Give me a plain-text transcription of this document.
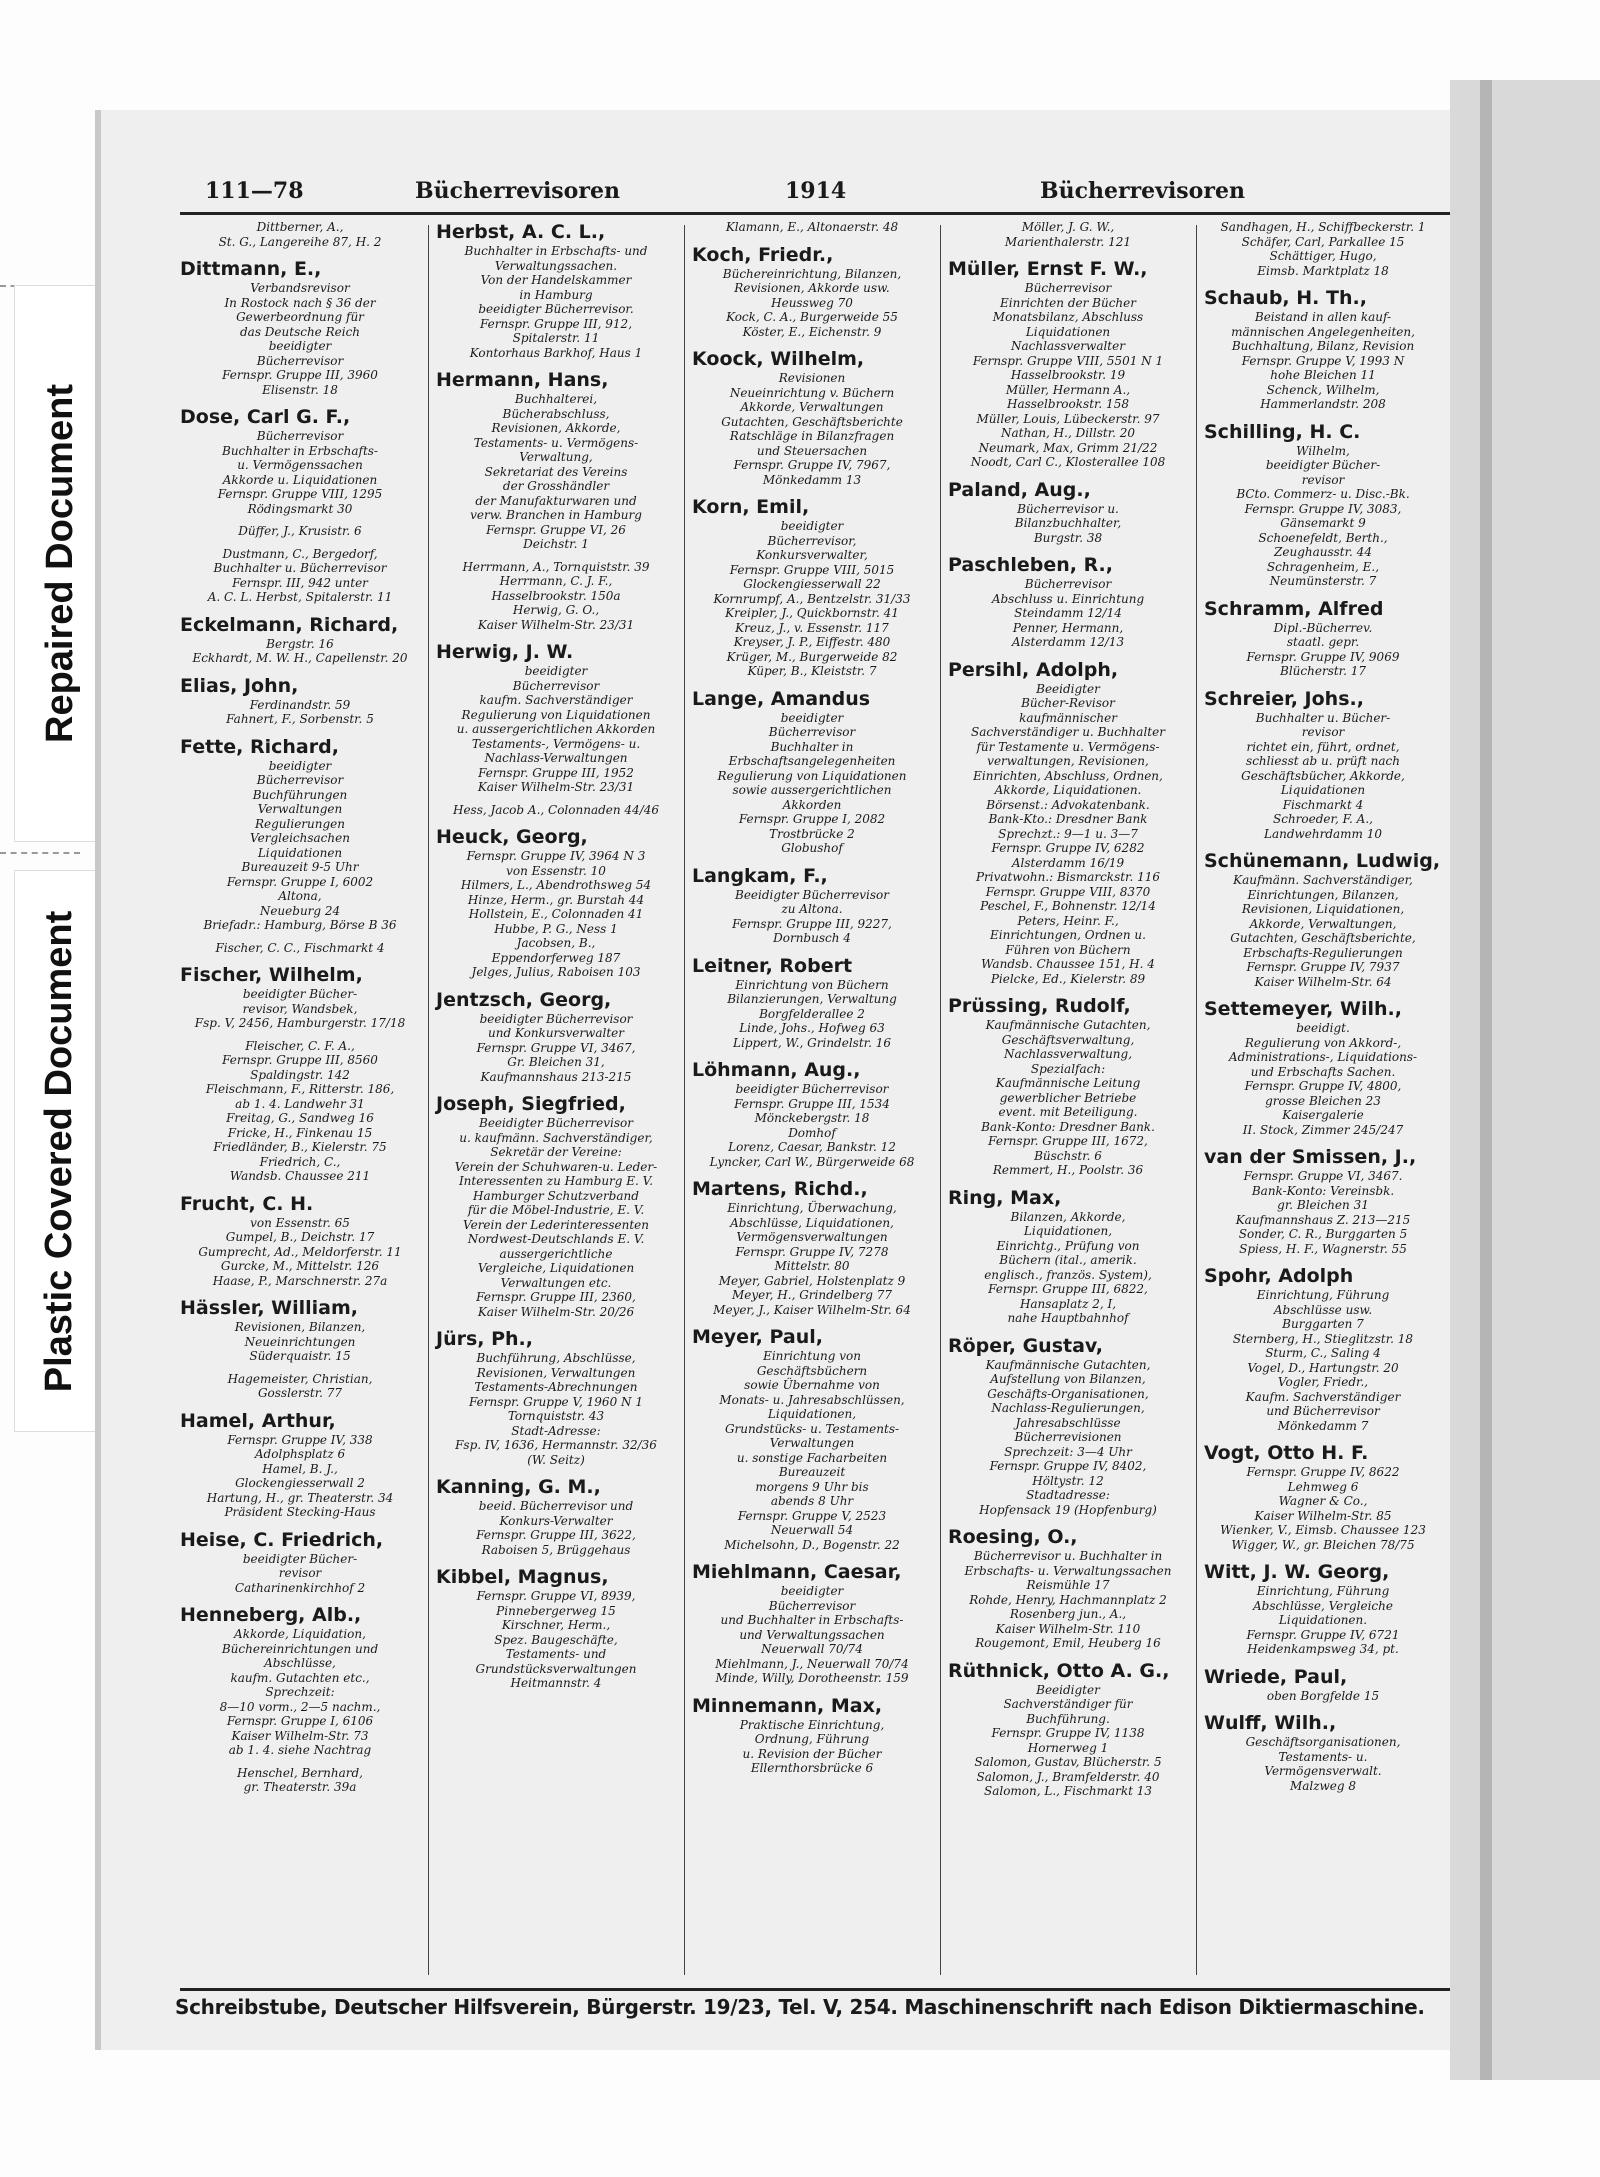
Repaired Document
Plastic Covered Document
111—78	Bücherrevisoren	1914	Bücherrevisoren
Dittberner, A.,
St. G., Langereihe 87, H. 2
Dittmann, E.,
Verbandsrevisor
In Rostock nach § 36 der
Gewerbeordnung für
das Deutsche Reich
beeidigter
Bücherrevisor
Fernspr. Gruppe III, 3960
Elisenstr. 18
Dose, Carl G. F.,
Bücherrevisor
Buchhalter in Erbschafts-
u. Vermögenssachen
Akkorde u. Liquidationen
Fernspr. Gruppe VIII, 1295
Rödingsmarkt 30
Düffer, J., Krusistr. 6
Dustmann, C., Bergedorf,
Buchhalter u. Bücherrevisor
Fernspr. III, 942 unter
A. C. L. Herbst, Spitalerstr. 11
Eckelmann, Richard,
Bergstr. 16
Eckhardt, M. W. H., Capellenstr. 20
Elias, John,
Ferdinandstr. 59
Fahnert, F., Sorbenstr. 5
Fette, Richard,
beeidigter
Bücherrevisor
Buchführungen
Verwaltungen
Regulierungen
Vergleichsachen
Liquidationen
Bureauzeit 9-5 Uhr
Fernspr. Gruppe I, 6002
Altona,
Neueburg 24
Briefadr.: Hamburg, Börse B 36
Fischer, C. C., Fischmarkt 4
Fischer, Wilhelm,
beeidigter Bücher-
revisor, Wandsbek,
Fsp. V, 2456, Hamburgerstr. 17/18
Fleischer, C. F. A.,
Fernspr. Gruppe III, 8560
Spaldingstr. 142
Fleischmann, F., Ritterstr. 186,
ab 1. 4. Landwehr 31
Freitag, G., Sandweg 16
Fricke, H., Finkenau 15
Friedländer, B., Kielerstr. 75
Friedrich, C.,
Wandsb. Chaussee 211
Frucht, C. H.
von Essenstr. 65
Gumpel, B., Deichstr. 17
Gumprecht, Ad., Meldorferstr. 11
Gurcke, M., Mittelstr. 126
Haase, P., Marschnerstr. 27a
Hässler, William,
Revisionen, Bilanzen,
Neueinrichtungen
Süderquaistr. 15
Hagemeister, Christian,
Gosslerstr. 77
Hamel, Arthur,
Fernspr. Gruppe IV, 338
Adolphsplatz 6
Hamel, B. J.,
Glockengiesserwall 2
Hartung, H., gr. Theaterstr. 34
Präsident Stecking-Haus
Heise, C. Friedrich,
beeidigter Bücher-
revisor
Catharinenkirchhof 2
Henneberg, Alb.,
Akkorde, Liquidation,
Büchereinrichtungen und
Abschlüsse,
kaufm. Gutachten etc.,
Sprechzeit:
8—10 vorm., 2—5 nachm.,
Fernspr. Gruppe I, 6106
Kaiser Wilhelm-Str. 73
ab 1. 4. siehe Nachtrag
Henschel, Bernhard,
gr. Theaterstr. 39a
Herbst, A. C. L.,
Buchhalter in Erbschafts- und
Verwaltungssachen.
Von der Handelskammer
in Hamburg
beeidigter Bücherrevisor.
Fernspr. Gruppe III, 912,
Spitalerstr. 11
Kontorhaus Barkhof, Haus 1
Hermann, Hans,
Buchhalterei,
Bücherabschluss,
Revisionen, Akkorde,
Testaments- u. Vermögens-
Verwaltung,
Sekretariat des Vereins
der Grosshändler
der Manufakturwaren und
verw. Branchen in Hamburg
Fernspr. Gruppe VI, 26
Deichstr. 1
Herrmann, A., Tornquiststr. 39
Herrmann, C. J. F.,
Hasselbrookstr. 150a
Herwig, G. O.,
Kaiser Wilhelm-Str. 23/31
Herwig, J. W.
beeidigter
Bücherrevisor
kaufm. Sachverständiger
Regulierung von Liquidationen
u. aussergerichtlichen Akkorden
Testaments-, Vermögens- u.
Nachlass-Verwaltungen
Fernspr. Gruppe III, 1952
Kaiser Wilhelm-Str. 23/31
Hess, Jacob A., Colonnaden 44/46
Heuck, Georg,
Fernspr. Gruppe IV, 3964 N 3
von Essenstr. 10
Hilmers, L., Abendrothsweg 54
Hinze, Herm., gr. Burstah 44
Hollstein, E., Colonnaden 41
Hubbe, P. G., Ness 1
Jacobsen, B.,
Eppendorferweg 187
Jelges, Julius, Raboisen 103
Jentzsch, Georg,
beeidigter Bücherrevisor
und Konkursverwalter
Fernspr. Gruppe VI, 3467,
Gr. Bleichen 31,
Kaufmannshaus 213-215
Joseph, Siegfried,
Beeidigter Bücherrevisor
u. kaufmänn. Sachverständiger,
Sekretär der Vereine:
Verein der Schuhwaren-u. Leder-
Interessenten zu Hamburg E. V.
Hamburger Schutzverband
für die Möbel-Industrie, E. V.
Verein der Lederinteressenten
Nordwest-Deutschlands E. V.
aussergerichtliche
Vergleiche, Liquidationen
Verwaltungen etc.
Fernspr. Gruppe III, 2360,
Kaiser Wilhelm-Str. 20/26
Jürs, Ph.,
Buchführung, Abschlüsse,
Revisionen, Verwaltungen
Testaments-Abrechnungen
Fernspr. Gruppe V, 1960 N 1
Tornquiststr. 43
Stadt-Adresse:
Fsp. IV, 1636, Hermannstr. 32/36
(W. Seitz)
Kanning, G. M.,
beeid. Bücherrevisor und
Konkurs-Verwalter
Fernspr. Gruppe III, 3622,
Raboisen 5, Brüggehaus
Kibbel, Magnus,
Fernspr. Gruppe VI, 8939,
Pinnebergerweg 15
Kirschner, Herm.,
Spez. Baugeschäfte,
Testaments- und
Grundstücksverwaltungen
Heitmannstr. 4
Klamann, E., Altonaerstr. 48
Koch, Friedr.,
Büchereinrichtung, Bilanzen,
Revisionen, Akkorde usw.
Heussweg 70
Kock, C. A., Burgerweide 55
Köster, E., Eichenstr. 9
Koock, Wilhelm,
Revisionen
Neueinrichtung v. Büchern
Akkorde, Verwaltungen
Gutachten, Geschäftsberichte
Ratschläge in Bilanzfragen
und Steuersachen
Fernspr. Gruppe IV, 7967,
Mönkedamm 13
Korn, Emil,
beeidigter
Bücherrevisor,
Konkursverwalter,
Fernspr. Gruppe VIII, 5015
Glockengiesserwall 22
Kornrumpf, A., Bentzelstr. 31/33
Kreipler, J., Quickbornstr. 41
Kreuz, J., v. Essenstr. 117
Kreyser, J. P., Eiffestr. 480
Krüger, M., Burgerweide 82
Küper, B., Kleiststr. 7
Lange, Amandus
beeidigter
Bücherrevisor
Buchhalter in
Erbschaftsangelegenheiten
Regulierung von Liquidationen
sowie aussergerichtlichen
Akkorden
Fernspr. Gruppe I, 2082
Trostbrücke 2
Globushof
Langkam, F.,
Beeidigter Bücherrevisor
zu Altona.
Fernspr. Gruppe III, 9227,
Dornbusch 4
Leitner, Robert
Einrichtung von Büchern
Bilanzierungen, Verwaltung
Borgfelderallee 2
Linde, Johs., Hofweg 63
Lippert, W., Grindelstr. 16
Löhmann, Aug.,
beeidigter Bücherrevisor
Fernspr. Gruppe III, 1534
Mönckebergstr. 18
Domhof
Lorenz, Caesar, Bankstr. 12
Lyncker, Carl W., Bürgerweide 68
Martens, Richd.,
Einrichtung, Überwachung,
Abschlüsse, Liquidationen,
Vermögensverwaltungen
Fernspr. Gruppe IV, 7278
Mittelstr. 80
Meyer, Gabriel, Holstenplatz 9
Meyer, H., Grindelberg 77
Meyer, J., Kaiser Wilhelm-Str. 64
Meyer, Paul,
Einrichtung von
Geschäftsbüchern
sowie Übernahme von
Monats- u. Jahresabschlüssen,
Liquidationen,
Grundstücks- u. Testaments-
Verwaltungen
u. sonstige Facharbeiten
Bureauzeit
morgens 9 Uhr bis
abends 8 Uhr
Fernspr. Gruppe V, 2523
Neuerwall 54
Michelsohn, D., Bogenstr. 22
Miehlmann, Caesar,
beeidigter
Bücherrevisor
und Buchhalter in Erbschafts-
und Verwaltungssachen
Neuerwall 70/74
Miehlmann, J., Neuerwall 70/74
Minde, Willy, Dorotheenstr. 159
Minnemann, Max,
Praktische Einrichtung,
Ordnung, Führung
u. Revision der Bücher
Ellernthorsbrücke 6
Möller, J. G. W.,
Marienthalerstr. 121
Müller, Ernst F. W.,
Bücherrevisor
Einrichten der Bücher
Monatsbilanz, Abschluss
Liquidationen
Nachlassverwalter
Fernspr. Gruppe VIII, 5501 N 1
Hasselbrookstr. 19
Müller, Hermann A.,
Hasselbrookstr. 158
Müller, Louis, Lübeckerstr. 97
Nathan, H., Dillstr. 20
Neumark, Max, Grimm 21/22
Noodt, Carl C., Klosterallee 108
Paland, Aug.,
Bücherrevisor u.
Bilanzbuchhalter,
Burgstr. 38
Paschleben, R.,
Bücherrevisor
Abschluss u. Einrichtung
Steindamm 12/14
Penner, Hermann,
Alsterdamm 12/13
Persihl, Adolph,
Beeidigter
Bücher-Revisor
kaufmännischer
Sachverständiger u. Buchhalter
für Testamente u. Vermögens-
verwaltungen, Revisionen,
Einrichten, Abschluss, Ordnen,
Akkorde, Liquidationen.
Börsenst.: Advokatenbank.
Bank-Kto.: Dresdner Bank
Sprechzt.: 9—1 u. 3—7
Fernspr. Gruppe IV, 6282
Alsterdamm 16/19
Privatwohn.: Bismarckstr. 116
Fernspr. Gruppe VIII, 8370
Peschel, F., Bohnenstr. 12/14
Peters, Heinr. F.,
Einrichtungen, Ordnen u.
Führen von Büchern
Wandsb. Chaussee 151, H. 4
Pielcke, Ed., Kielerstr. 89
Prüssing, Rudolf,
Kaufmännische Gutachten,
Geschäftsverwaltung,
Nachlassverwaltung,
Spezialfach:
Kaufmännische Leitung
gewerblicher Betriebe
event. mit Beteiligung.
Bank-Konto: Dresdner Bank.
Fernspr. Gruppe III, 1672,
Büschstr. 6
Remmert, H., Poolstr. 36
Ring, Max,
Bilanzen, Akkorde,
Liquidationen,
Einrichtg., Prüfung von
Büchern (ital., amerik.
englisch., französ. System),
Fernspr. Gruppe III, 6822,
Hansaplatz 2, I,
nahe Hauptbahnhof
Röper, Gustav,
Kaufmännische Gutachten,
Aufstellung von Bilanzen,
Geschäfts-Organisationen,
Nachlass-Regulierungen,
Jahresabschlüsse
Bücherrevisionen
Sprechzeit: 3—4 Uhr
Fernspr. Gruppe IV, 8402,
Höltystr. 12
Stadtadresse:
Hopfensack 19 (Hopfenburg)
Roesing, O.,
Bücherrevisor u. Buchhalter in
Erbschafts- u. Verwaltungssachen
Reismühle 17
Rohde, Henry, Hachmannplatz 2
Rosenberg jun., A.,
Kaiser Wilhelm-Str. 110
Rougemont, Emil, Heuberg 16
Rüthnick, Otto A. G.,
Beeidigter
Sachverständiger für
Buchführung.
Fernspr. Gruppe IV, 1138
Hornerweg 1
Salomon, Gustav, Blücherstr. 5
Salomon, J., Bramfelderstr. 40
Salomon, L., Fischmarkt 13
Sandhagen, H., Schiffbeckerstr. 1
Schäfer, Carl, Parkallee 15
Schättiger, Hugo,
Eimsb. Marktplatz 18
Schaub, H. Th.,
Beistand in allen kauf-
männischen Angelegenheiten,
Buchhaltung, Bilanz, Revision
Fernspr. Gruppe V, 1993 N
hohe Bleichen 11
Schenck, Wilhelm,
Hammerlandstr. 208
Schilling, H. C.
Wilhelm,
beeidigter Bücher-
revisor
BCto. Commerz- u. Disc.-Bk.
Fernspr. Gruppe IV, 3083,
Gänsemarkt 9
Schoenefeldt, Berth.,
Zeughausstr. 44
Schragenheim, E.,
Neumünsterstr. 7
Schramm, Alfred
Dipl.-Bücherrev.
staatl. gepr.
Fernspr. Gruppe IV, 9069
Blücherstr. 17
Schreier, Johs.,
Buchhalter u. Bücher-
revisor
richtet ein, führt, ordnet,
schliesst ab u. prüft nach
Geschäftsbücher, Akkorde,
Liquidationen
Fischmarkt 4
Schroeder, F. A.,
Landwehrdamm 10
Schünemann, Ludwig,
Kaufmänn. Sachverständiger,
Einrichtungen, Bilanzen,
Revisionen, Liquidationen,
Akkorde, Verwaltungen,
Gutachten, Geschäftsberichte,
Erbschafts-Regulierungen
Fernspr. Gruppe IV, 7937
Kaiser Wilhelm-Str. 64
Settemeyer, Wilh.,
beeidigt.
Regulierung von Akkord-,
Administrations-, Liquidations-
und Erbschafts Sachen.
Fernspr. Gruppe IV, 4800,
grosse Bleichen 23
Kaisergalerie
II. Stock, Zimmer 245/247
van der Smissen, J.,
Fernspr. Gruppe VI, 3467.
Bank-Konto: Vereinsbk.
gr. Bleichen 31
Kaufmannshaus Z. 213—215
Sonder, C. R., Burggarten 5
Spiess, H. F., Wagnerstr. 55
Spohr, Adolph
Einrichtung, Führung
Abschlüsse usw.
Burggarten 7
Sternberg, H., Stieglitzstr. 18
Sturm, C., Saling 4
Vogel, D., Hartungstr. 20
Vogler, Friedr.,
Kaufm. Sachverständiger
und Bücherrevisor
Mönkedamm 7
Vogt, Otto H. F.
Fernspr. Gruppe IV, 8622
Lehmweg 6
Wagner & Co.,
Kaiser Wilhelm-Str. 85
Wienker, V., Eimsb. Chaussee 123
Wigger, W., gr. Bleichen 78/75
Witt, J. W. Georg,
Einrichtung, Führung
Abschlüsse, Vergleiche
Liquidationen.
Fernspr. Gruppe IV, 6721
Heidenkampsweg 34, pt.
Wriede, Paul,
oben Borgfelde 15
Wulff, Wilh.,
Geschäftsorganisationen,
Testaments- u.
Vermögensverwalt.
Malzweg 8
Schreibstube, Deutscher Hilfsverein, Bürgerstr. 19/23, Tel. V, 254. Maschinenschrift nach Edison Diktiermaschine.
